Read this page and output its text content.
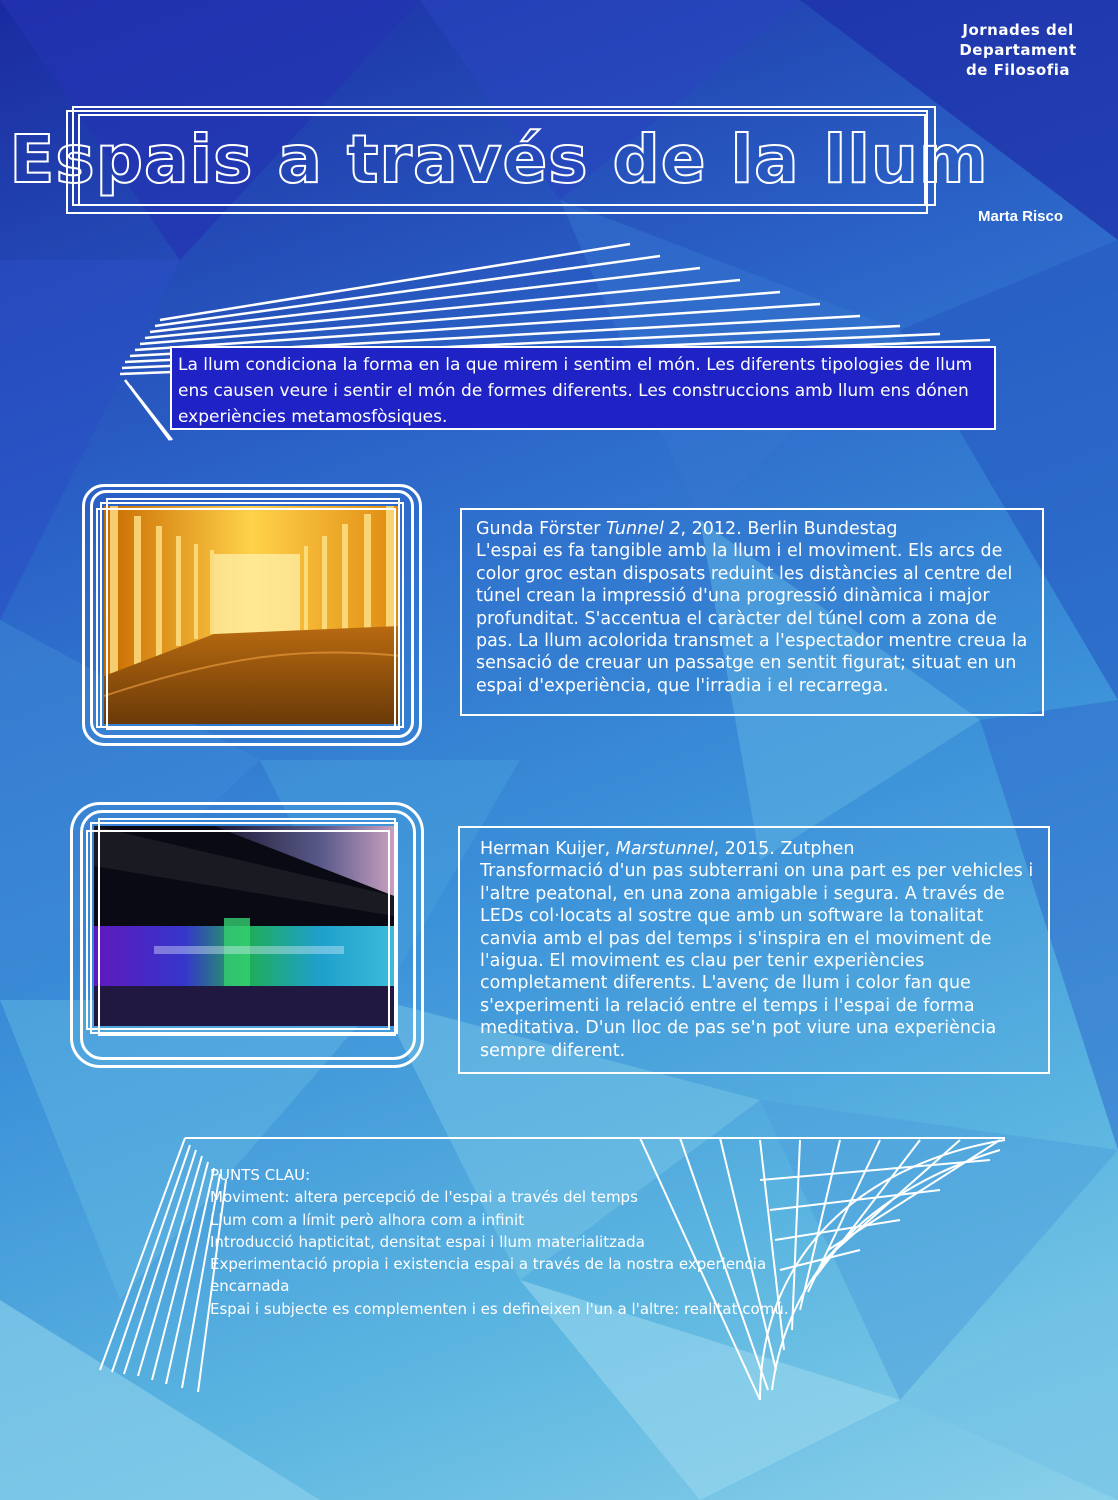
Jornades del
Departament
de Filosofia
Espais a través de la llum
Marta Risco
La llum condiciona la forma en la que mirem i sentim el món. Les diferents tipologies de llum ens causen veure i sentir el món de formes diferents. Les construccions amb llum ens dónen experiències metamosfòsiques.
Gunda Förster Tunnel 2, 2012. Berlin Bundestag
L'espai es fa tangible amb la llum i el moviment. Els arcs de color groc estan disposats reduint les distàncies al centre del túnel crean la impressió d'una progressió dinàmica i major profunditat. S'accentua el caràcter del túnel com a zona de pas. La llum acolorida transmet a l'espectador mentre creua la sensació de creuar un passatge en sentit figurat; situat en un espai d'experiència, que l'irradia i el recarrega.
Herman Kuijer, Marstunnel, 2015. Zutphen
Transformació d'un pas subterrani on una part es per vehicles i l'altre peatonal, en una zona amigable i segura. A través de LEDs col·locats al sostre que amb un software la tonalitat canvia amb el pas del temps i s'inspira en el moviment de l'aigua. El moviment es clau per tenir experiències completament diferents. L'avenç de llum i color fan que s'experimenti la relació entre el temps i l'espai de forma meditativa. D'un lloc de pas se'n pot viure una experiència sempre diferent.
PUNTS CLAU:
Moviment: altera percepció de l'espai a través del temps
Llum com a límit però alhora com a infinit
Introducció hapticitat, densitat espai i llum materialitzada
Experimentació propia i existencia espai a través de la nostra experiencia
encarnada
Espai i subjecte es complementen i es defineixen l'un a l'altre: realitat comú.
